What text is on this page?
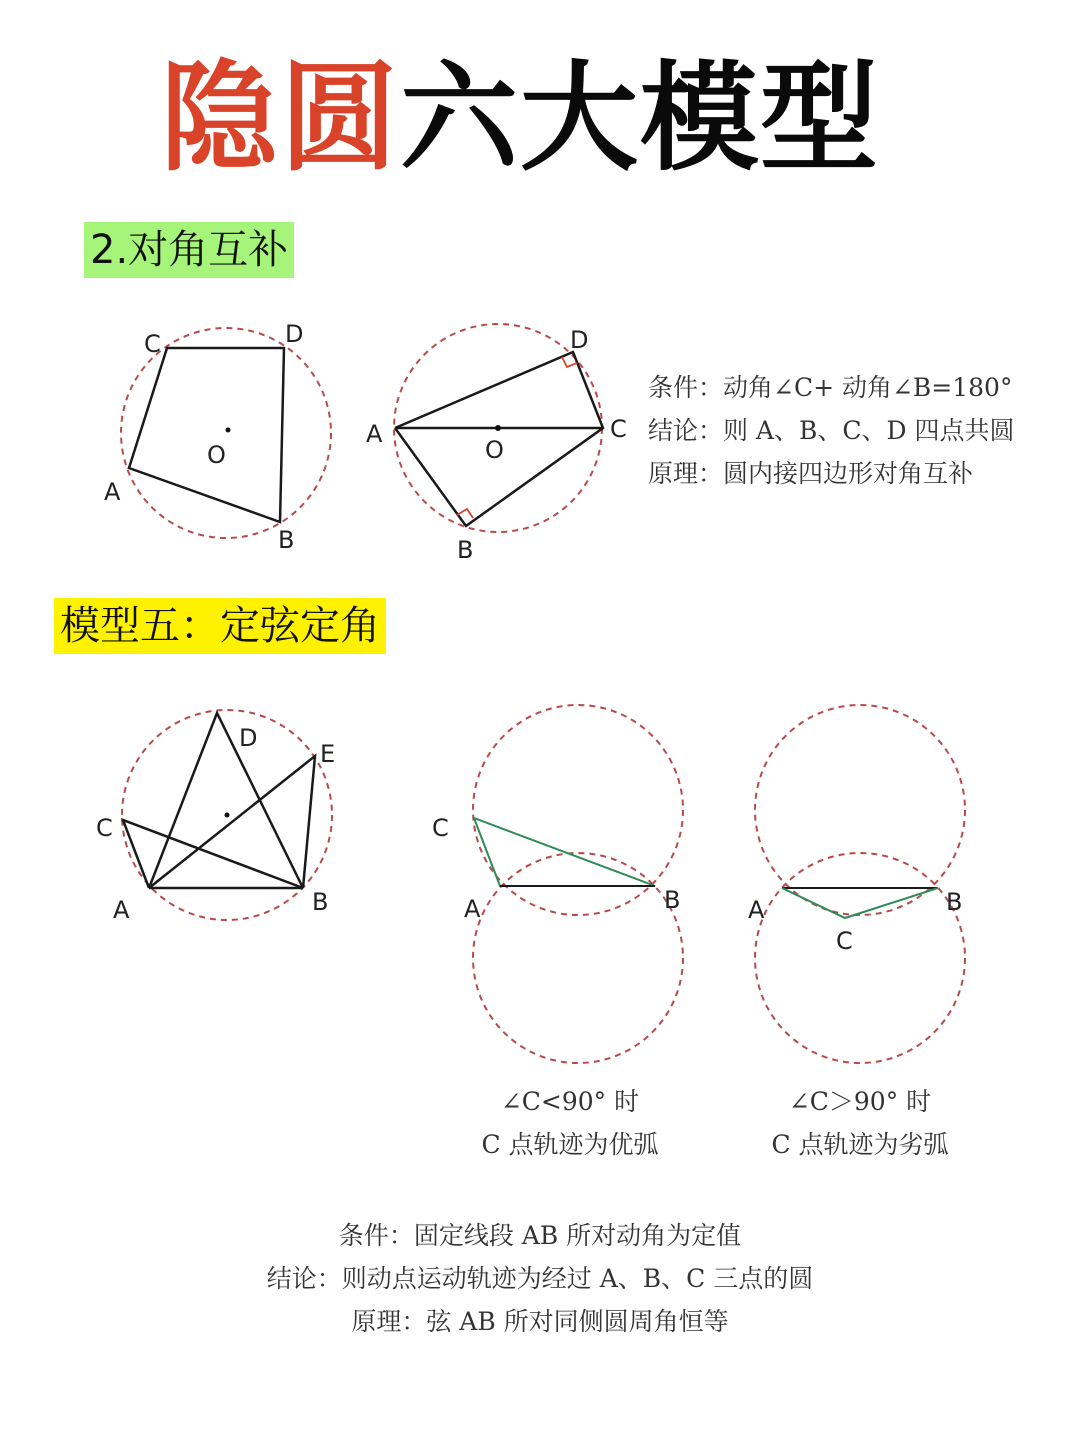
隐圆 六大模型
2.对角互补
C	D
A
B
O
D
A	C
B
O
条件：动角∠C+ 动角∠B=180°
结论：则 A、B、C、D 四点共圆
原理：圆内接四边形对角互补
模型五：定弦定角
D
E
C
A	B
C
A	B	A	B
C
∠C<90° 时
C 点轨迹为优弧
∠C＞90° 时
C 点轨迹为劣弧
条件：固定线段 AB 所对动角为定值
结论：则动点运动轨迹为经过 A、B、C 三点的圆
原理：弦 AB 所对同侧圆周角恒等
